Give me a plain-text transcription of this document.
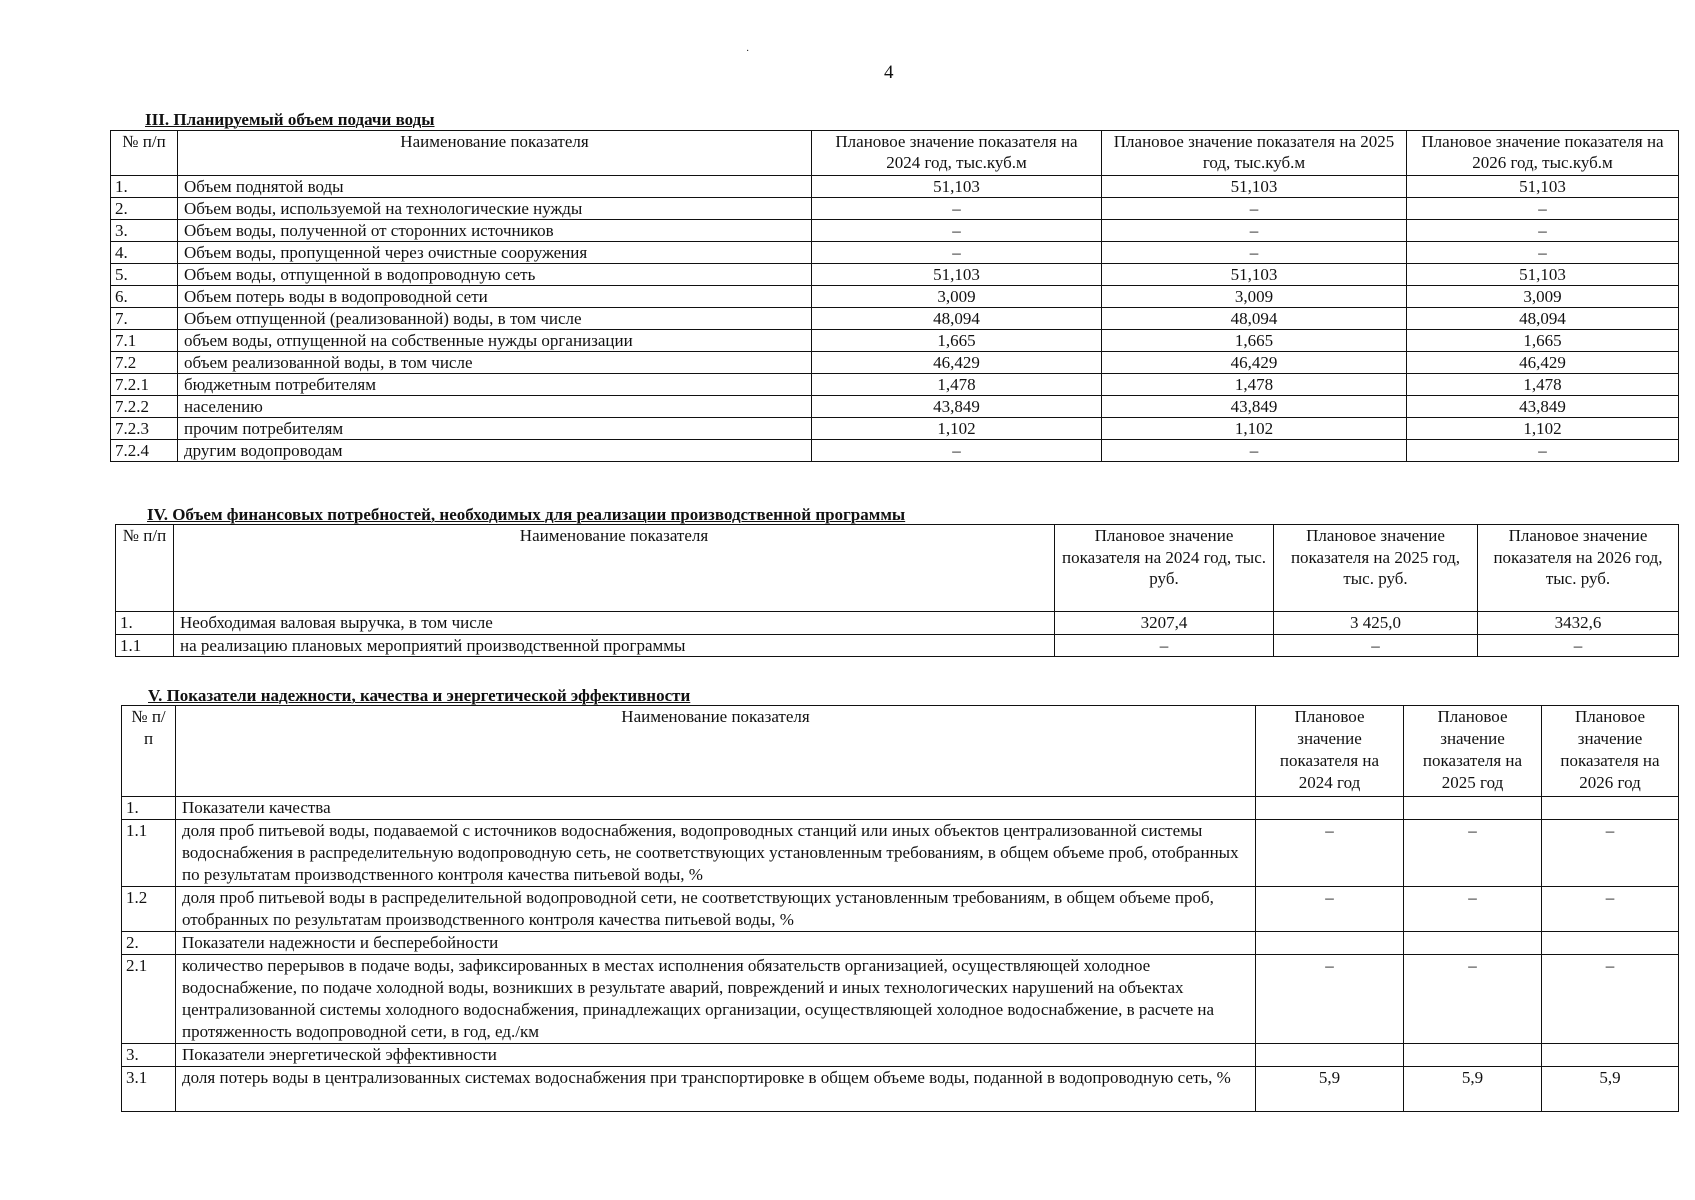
·
4
III. Планируемый объем подачи воды
№ п/п	Наименование показателя	Плановое значение показателя на 2024 год, тыс.куб.м	Плановое значение показателя на 2025 год, тыс.куб.м	Плановое значение показателя на 2026 год, тыс.куб.м
1.	Объем поднятой воды	51,103	51,103	51,103
2.	Объем воды, используемой на технологические нужды	–	–	–
3.	Объем воды, полученной от сторонних источников	–	–	–
4.	Объем воды, пропущенной через очистные сооружения	–	–	–
5.	Объем воды, отпущенной в водопроводную сеть	51,103	51,103	51,103
6.	Объем потерь воды в водопроводной сети	3,009	3,009	3,009
7.	Объем отпущенной (реализованной) воды, в том числе	48,094	48,094	48,094
7.1	объем воды, отпущенной на собственные нужды организации	1,665	1,665	1,665
7.2	объем реализованной воды, в том числе	46,429	46,429	46,429
7.2.1	бюджетным потребителям	1,478	1,478	1,478
7.2.2	населению	43,849	43,849	43,849
7.2.3	прочим потребителям	1,102	1,102	1,102
7.2.4	другим водопроводам	–	–	–
IV. Объем финансовых потребностей, необходимых для реализации производственной программы
№ п/п	Наименование показателя	Плановое значение показателя на 2024 год, тыс. руб.	Плановое значение показателя на 2025 год, тыс. руб.	Плановое значение показателя на 2026 год, тыс. руб.
1.	Необходимая валовая выручка, в том числе	3207,4	3 425,0	3432,6
1.1	на реализацию плановых мероприятий производственной программы	–	–	–
V. Показатели надежности, качества и энергетической эффективности
№ п/п	Наименование показателя	Плановое значение показателя на 2024 год	Плановое значение показателя на 2025 год	Плановое значение показателя на 2026 год
1.	Показатели качества			
1.1	доля проб питьевой воды, подаваемой с источников водоснабжения, водопроводных станций или иных объектов централизованной системы водоснабжения в распределительную водопроводную сеть, не соответствующих установленным требованиям, в общем объеме проб, отобранных по результатам производственного контроля качества питьевой воды, %	–	–	–
1.2	доля проб питьевой воды в распределительной водопроводной сети, не соответствующих установленным требованиям, в общем объеме проб, отобранных по результатам производственного контроля качества питьевой воды, %	–	–	–
2.	Показатели надежности и бесперебойности			
2.1	количество перерывов в подаче воды, зафиксированных в местах исполнения обязательств организацией, осуществляющей холодное водоснабжение, по подаче холодной воды, возникших в результате аварий, повреждений и иных технологических нарушений на объектах централизованной системы холодного водоснабжения, принадлежащих организации, осуществляющей холодное водоснабжение, в расчете на протяженность водопроводной сети, в год, ед./км	–	–	–
3.	Показатели энергетической эффективности			
3.1	доля потерь воды в централизованных системах водоснабжения при транспортировке в общем объеме воды, поданной в водопроводную сеть, %	5,9	5,9	5,9
